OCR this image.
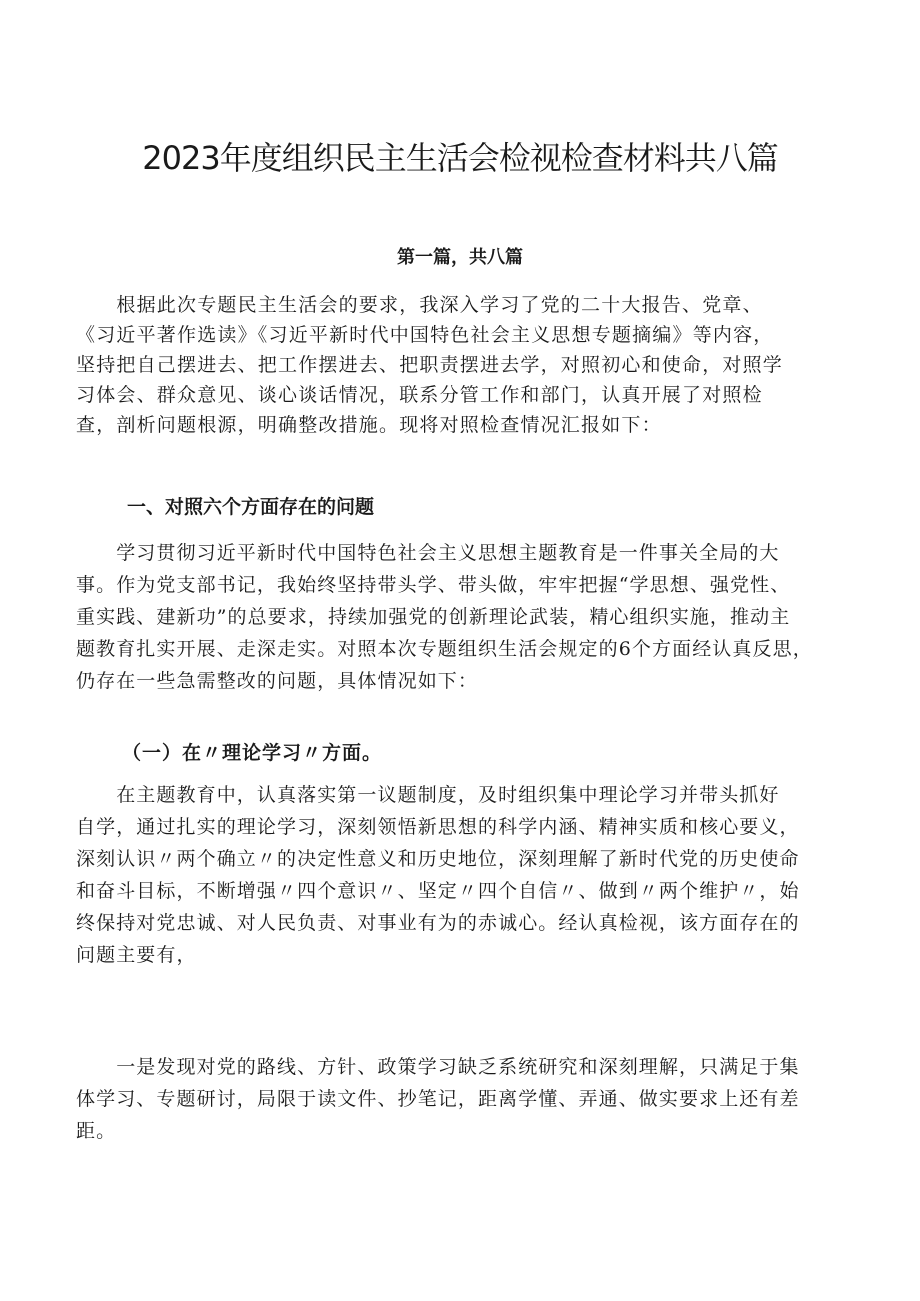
2023年度组织民主生活会检视检查材料共八篇
第一篇，共八篇

　　根据此次专题民主生活会的要求，我深入学习了党的二十大报告、党章、
《习近平著作选读》《习近平新时代中国特色社会主义思想专题摘编》等内容，
坚持把自己摆进去、把工作摆进去、把职责摆进去学，对照初心和使命，对照学
习体会、群众意见、谈心谈话情况，联系分管工作和部门，认真开展了对照检
查，剖析问题根源，明确整改措施。现将对照检查情况汇报如下：

一、对照六个方面存在的问题

　　学习贯彻习近平新时代中国特色社会主义思想主题教育是一件事关全局的大
事。作为党支部书记，我始终坚持带头学、带头做，牢牢把握“学思想、强党性、
重实践、建新功”的总要求，持续加强党的创新理论武装，精心组织实施，推动主
题教育扎实开展、走深走实。对照本次专题组织生活会规定的6个方面经认真反思，
仍存在一些急需整改的问题，具体情况如下：

（一）在〃理论学习〃方面。

　　在主题教育中，认真落实第一议题制度，及时组织集中理论学习并带头抓好
自学，通过扎实的理论学习，深刻领悟新思想的科学内涵、精神实质和核心要义，
深刻认识〃两个确立〃的决定性意义和历史地位，深刻理解了新时代党的历史使命
和奋斗目标，不断增强〃四个意识〃、坚定〃四个自信〃、做到〃两个维护〃，始
终保持对党忠诚、对人民负责、对事业有为的赤诚心。经认真检视，该方面存在的
问题主要有，

　　一是发现对党的路线、方针、政策学习缺乏系统研究和深刻理解，只满足于集
体学习、专题研讨，局限于读文件、抄笔记，距离学懂、弄通、做实要求上还有差
距。
